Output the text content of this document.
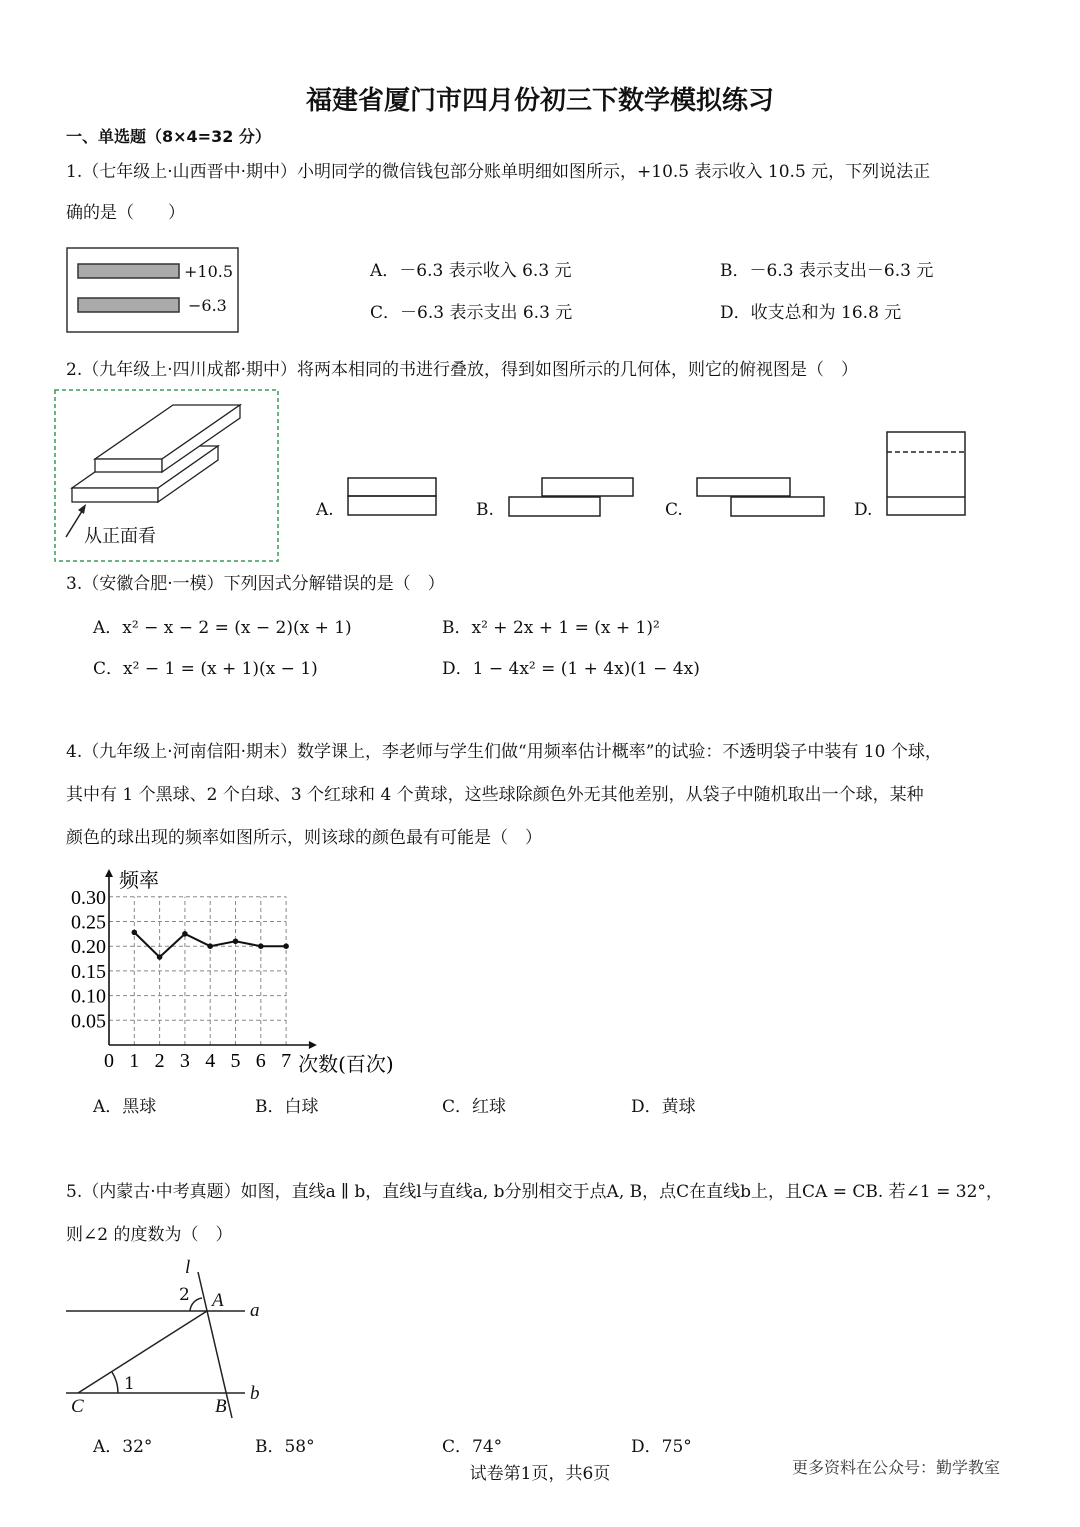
福建省厦门市四月份初三下数学模拟练习
一、单选题（8×4=32 分）
1.（七年级上·山西晋中·期中）小明同学的微信钱包部分账单明细如图所示，+10.5 表示收入 10.5 元，下列说法正
确的是（　　）
+10.5
−6.3
A．－6.3 表示收入 6.3 元	B．－6.3 表示支出－6.3 元
C．－6.3 表示支出 6.3 元	D．收支总和为 16.8 元
2.（九年级上·四川成都·期中）将两本相同的书进行叠放，得到如图所示的几何体，则它的俯视图是（　）
从正面看
A.	B.	C.	D.
3.（安徽合肥·一模）下列因式分解错误的是（　）
A．x² − x − 2 = (x − 2)(x + 1)	B．x² + 2x + 1 = (x + 1)²
C．x² − 1 = (x + 1)(x − 1)	D．1 − 4x² = (1 + 4x)(1 − 4x)
4.（九年级上·河南信阳·期末）数学课上，李老师与学生们做“用频率估计概率”的试验：不透明袋子中装有 10 个球，
其中有 1 个黑球、2 个白球、3 个红球和 4 个黄球，这些球除颜色外无其他差别，从袋子中随机取出一个球，某种
颜色的球出现的频率如图所示，则该球的颜色最有可能是（　）
0 1 2 3 4 5 6 7
0.05
0.10
0.15
0.20
0.25
0.30
频率
次数(百次)
A．黑球	B．白球	C．红球	D．黄球
5.（内蒙古·中考真题）如图，直线a ∥ b，直线l与直线a, b分别相交于点A, B，点C在直线b上，且CA = CB. 若∠1 = 32°，
则∠2 的度数为（　）
l
2 A a
1
C	B
b
A．32°	B．58°	C．74°	D．75°
试卷第1页，共6页	更多资料在公众号：勤学教室
